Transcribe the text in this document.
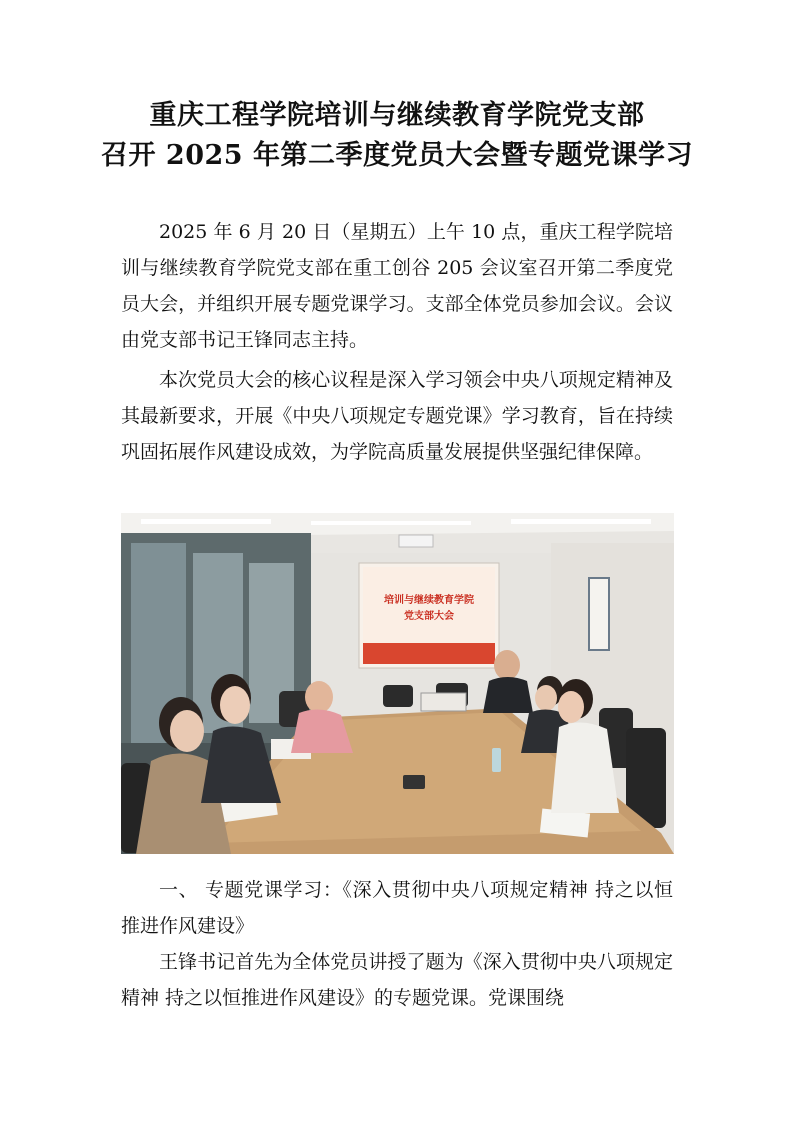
重庆工程学院培训与继续教育学院党支部
召开 2025 年第二季度党员大会暨专题党课学习

2025 年 6 月 20 日（星期五）上午 10 点，重庆工程学院培训与继续教育学院党支部在重工创谷 205 会议室召开第二季度党员大会，并组织开展专题党课学习。支部全体党员参加会议。会议由党支部书记王锋同志主持。

本次党员大会的核心议程是深入学习领会中央八项规定精神及其最新要求，开展《中央八项规定专题党课》学习教育，旨在持续巩固拓展作风建设成效，为学院高质量发展提供坚强纪律保障。

培训与继续教育学院
党支部大会

一、 专题党课学习：《深入贯彻中央八项规定精神 持之以恒推进作风建设》

王锋书记首先为全体党员讲授了题为《深入贯彻中央八项规定精神 持之以恒推进作风建设》的专题党课。党课围绕
